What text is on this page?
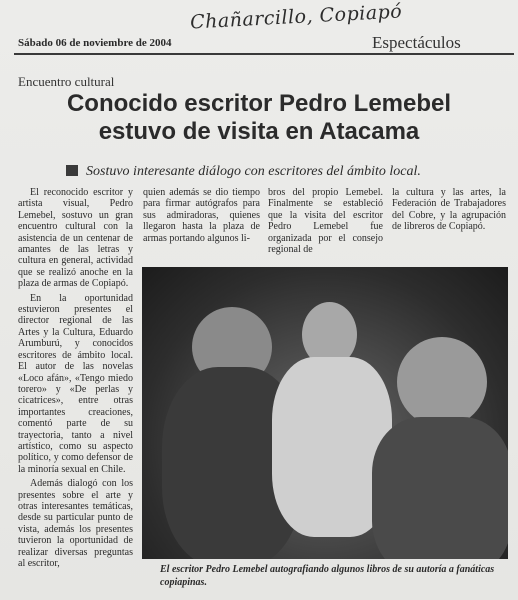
Chañarcillo, Copiapó
Sábado 06 de noviembre de 2004	Espectáculos
Encuentro cultural
Conocido escritor Pedro Lemebel
estuvo de visita en Atacama
Sostuvo interesante diálogo con escritores del ámbito local.

El reconocido escritor y artista visual, Pedro Lemebel, sostuvo un gran encuentro cultural con la asistencia de un centenar de amantes de las letras y cultura en general, actividad que se realizó anoche en la plaza de armas de Copiapó.

En la oportunidad estuvieron presentes el director regional de las Artes y la Cultura, Eduardo Arumburú, y conocidos escritores de ámbito local. El autor de las novelas «Loco afán», «Tengo miedo torero» y «De perlas y cicatrices», entre otras importantes creaciones, comentó parte de su trayectoria, tanto a nivel artístico, como su aspecto político, y como defensor de la minoría sexual en Chile.

Además dialogó con los presentes sobre el arte y otras interesantes temáticas, desde su particular punto de vista, además los presentes tuvieron la oportunidad de realizar diversas preguntas al escritor,

quien además se dio tiempo para firmar autógrafos para sus admiradoras, quienes llegaron hasta la plaza de armas portando algunos li-

bros del propio Lemebel. Finalmente se estableció que la visita del escritor Pedro Lemebel fue organizada por el consejo regional de

la cultura y las artes, la Federación de Trabajadores del Cobre, y la agrupación de libreros de Copiapó.

El escritor Pedro Lemebel autografiando algunos libros de su autoría a fanáticas copiapinas.
